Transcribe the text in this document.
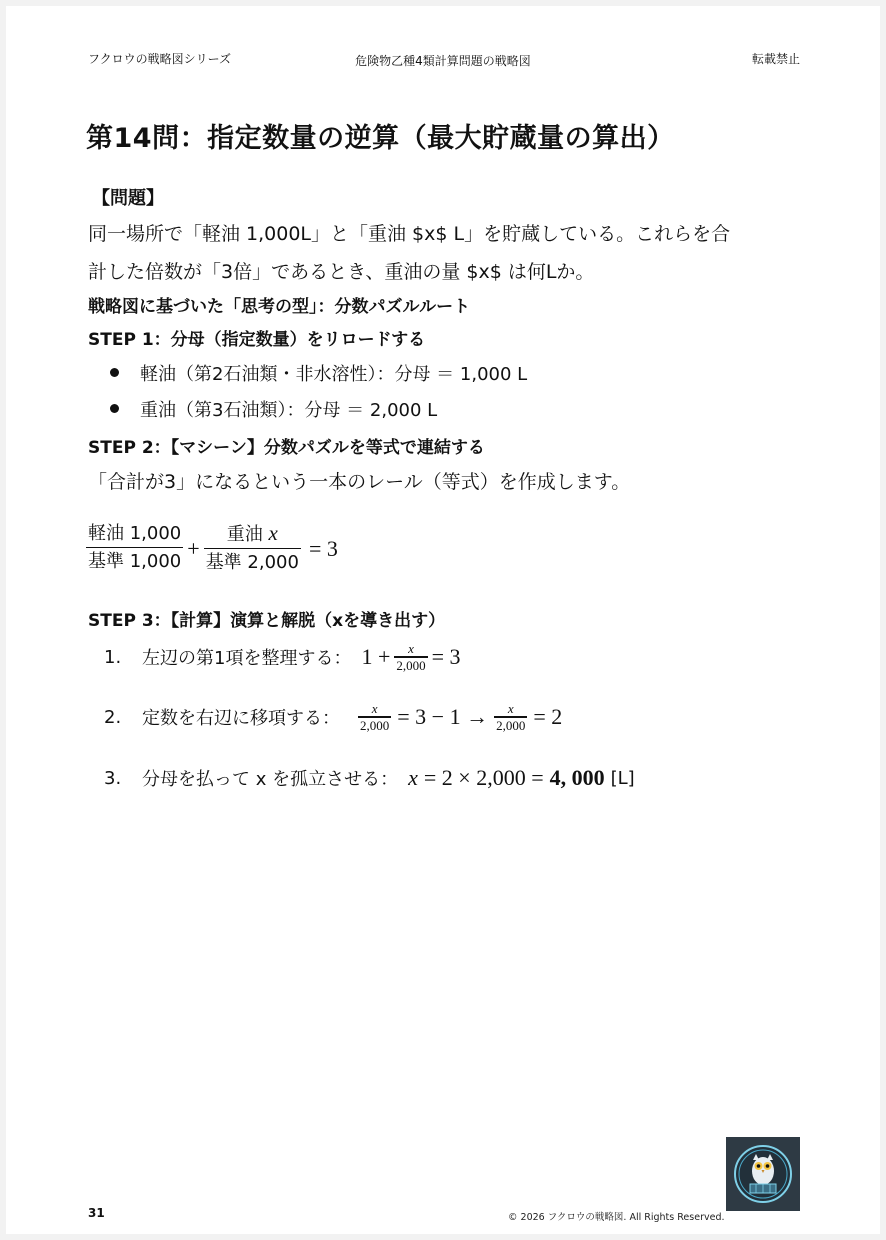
フクロウの戦略図シリーズ	危険物乙種4類計算問題の戦略図	転載禁止
第14問：指定数量の逆算（最大貯蔵量の算出）
【問題】
同一場所で「軽油 1,000L」と「重油 $x$ L」を貯蔵している。これらを合
計した倍数が「3倍」であるとき、重油の量 $x$ は何Lか。
戦略図に基づいた「思考の型」：分数パズルルート
STEP 1：分母（指定数量）をリロードする
軽油（第2石油類・非水溶性）：分母 ＝ 1,000 L
重油（第3石油類）：分母 ＝ 2,000 L
STEP 2：【マシーン】分数パズルを等式で連結する
「合計が3」になるという一本のレール（等式）を作成します。
$\frac{\text{軽油 1,000}}{\text{基準 1,000}} + \frac{\text{重油 x}}{\text{基準 2,000}} = 3$
STEP 3：【計算】演算と解脱（xを導き出す）
1.	左辺の第1項を整理する： $1 + \frac{x}{2,000} = 3$
2.	定数を右辺に移項する： $\frac{x}{2,000} = 3 - 1 \to \frac{x}{2,000} = 2$
3.	分母を払って x を孤立させる： x = 2 × 2,000 = 4, 000 [L]
31	© 2026 フクロウの戦略図. All Rights Reserved.
